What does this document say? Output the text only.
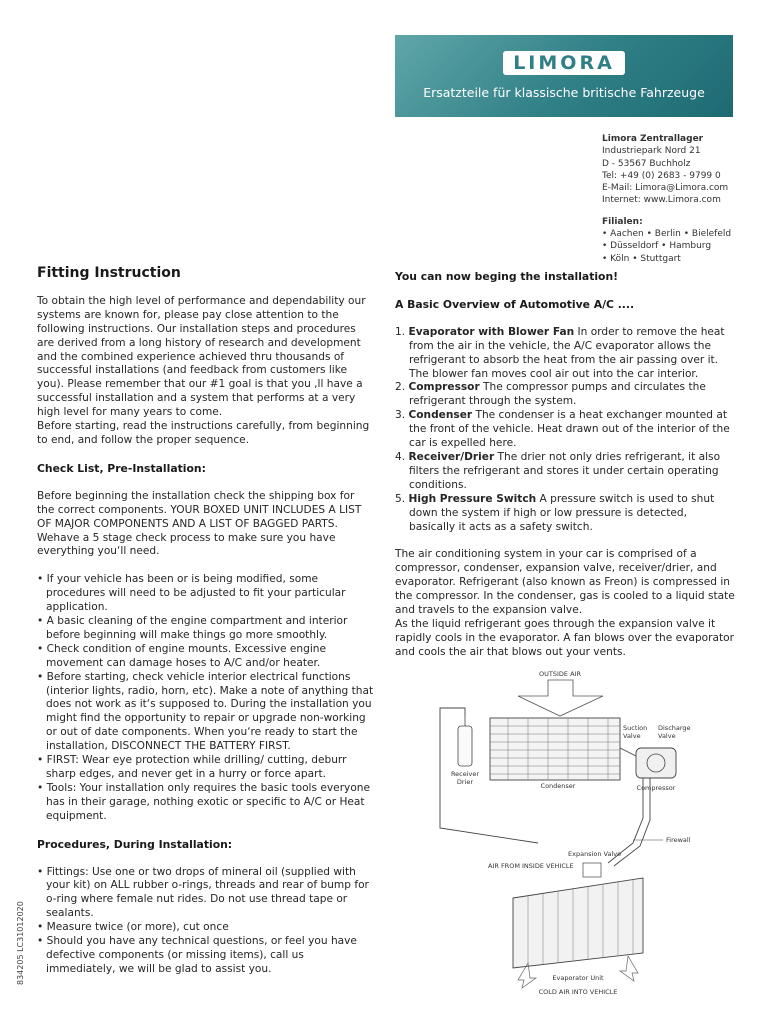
LIMORA
Ersatzteile für klassische britische Fahrzeuge
Limora Zentrallager
Industriepark Nord 21
D - 53567 Buchholz
Tel: +49 (0) 2683 - 9799 0
E-Mail: Limora@Limora.com
Internet: www.Limora.com
Filialen:
• Aachen • Berlin • Bielefeld
• Düsseldorf • Hamburg
• Köln • Stuttgart
Fitting Instruction

To obtain the high level of performance and dependability our systems are known for, please pay close attention to the following instructions. Our installation steps and procedures are derived from a long history of research and development and the combined experience achieved thru thousands of successful installations (and feedback from customers like you). Please remember that our #1 goal is that you ,ll have a successful installation and a system that performs at a very high level for many years to come.

Before starting, read the instructions carefully, from beginning to end, and follow the proper sequence.

Check List, Pre-Installation:

Before beginning the installation check the shipping box for the correct components. YOUR BOXED UNIT INCLUDES A LIST OF MAJOR COMPONENTS AND A LIST OF BAGGED PARTS. Wehave a 5 stage check process to make sure you have everything you‘ll need.

• If your vehicle has been or is being modified, some procedures will need to be adjusted to fit your particular application.
• A basic cleaning of the engine compartment and interior before beginning will make things go more smoothly.
• Check condition of engine mounts. Excessive engine movement can damage hoses to A/C and/or heater.
• Before starting, check vehicle interior electrical functions (interior lights, radio, horn, etc). Make a note of anything that does not work as it‘s supposed to. During the installation you might find the opportunity to repair or upgrade non-working or out of date components. When you‘re ready to start the installation, DISCONNECT THE BATTERY FIRST.
• FIRST: Wear eye protection while drilling/ cutting, deburr sharp edges, and never get in a hurry or force apart.
• Tools: Your installation only requires the basic tools everyone has in their garage, nothing exotic or specific to A/C or Heat equipment.
Procedures, During Installation:
• Fittings: Use one or two drops of mineral oil (supplied with your kit) on ALL rubber o-rings, threads and rear of bump for o-ring where female nut rides. Do not use thread tape or sealants.
• Measure twice (or more), cut once
• Should you have any technical questions, or feel you have defective components (or missing items), call us immediately, we will be glad to assist you.
834205 LC31012020
You can now beging the installation!
A Basic Overview of Automotive A/C ....
1. Evaporator with Blower Fan In order to remove the heat from the air in the vehicle, the A/C evaporator allows the refrigerant to absorb the heat from the air passing over it. The blower fan moves cool air out into the car interior.
2. Compressor The compressor pumps and circulates the refrigerant through the system.
3. Condenser The condenser is a heat exchanger mounted at the front of the vehicle. Heat drawn out of the interior of the car is expelled here.
4. Receiver/Drier The drier not only dries refrigerant, it also filters the refrigerant and stores it under certain operating conditions.
5. High Pressure Switch A pressure switch is used to shut down the system if high or low pressure is detected, basically it acts as a safety switch.

The air conditioning system in your car is comprised of a compressor, condenser, expansion valve, receiver/drier, and evaporator. Refrigerant (also known as Freon) is compressed in the compressor. In the condenser, gas is cooled to a liquid state and travels to the expansion valve.

As the liquid refrigerant goes through the expansion valve it rapidly cools in the evaporator. A fan blows over the evaporator and cools the air that blows out your vents.

OUTSIDE AIR
Condenser
Receiver
Drier
Suction
Valve
Discharge
Valve
Compressor
Firewall
AIR FROM INSIDE VEHICLE
Expansion Valve
Evaporator Unit
COLD AIR INTO VEHICLE
